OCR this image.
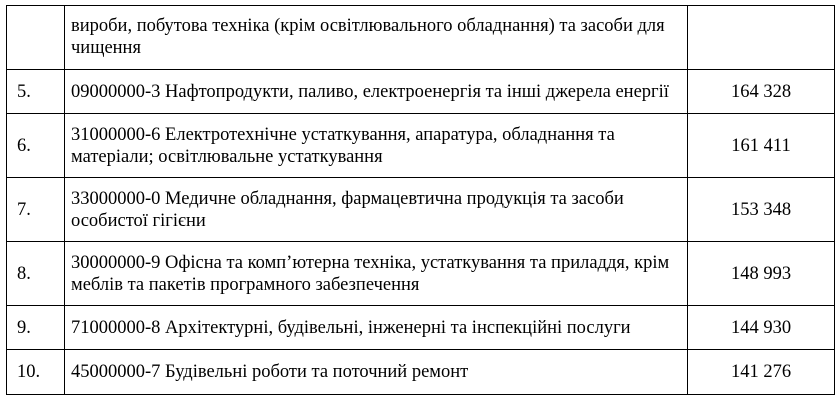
	вироби, побутова техніка (крім освітлювального обладнання) та засоби для чищення	
5.	09000000-3 Нафтопродукти, паливо, електроенергія та інші джерела енергії	164 328
6.	31000000-6 Електротехнічне устаткування, апаратура, обладнання та матеріали; освітлювальне устаткування	161 411
7.	33000000-0 Медичне обладнання, фармацевтична продукція та засоби особистої гігієни	153 348
8.	30000000-9 Офісна та комп’ютерна техніка, устаткування та приладдя, крім меблів та пакетів програмного забезпечення	148 993
9.	71000000-8 Архітектурні, будівельні, інженерні та інспекційні послуги	144 930
10.	45000000-7 Будівельні роботи та поточний ремонт	141 276
